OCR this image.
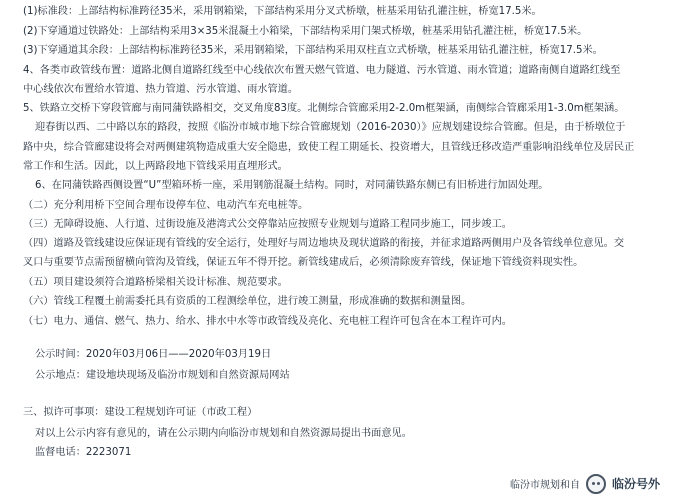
(1)标准段：上部结构标准跨径35米，采用钢箱梁，下部结构采用分叉式桥墩，桩基采用钻孔灌注桩，桥宽17.5米。
(2)下穿通道过铁路处：上部结构采用3×35米混凝土小箱梁，下部结构采用门架式桥墩，桩基采用钻孔灌注桩，桥宽17.5米。
(3)下穿通道其余段：上部结构标准跨径35米，采用钢箱梁，下部结构采用双柱直立式桥墩，桩基采用钻孔灌注桩，桥宽17.5米。
4、各类市政管线布置：道路北侧自道路红线至中心线依次布置天燃气管道、电力隧道、污水管道、雨水管道；道路南侧自道路红线至
中心线依次布置给水管道、热力管道、污水管道、雨水管道。
5、铁路立交桥下穿段管廊与南同蒲铁路相交，交叉角度83度。北侧综合管廊采用2-2.0m框架涵，南侧综合管廊采用1-3.0m框架涵。
迎春街以西、二中路以东的路段，按照《临汾市城市地下综合管廊规划（2016-2030）》应规划建设综合管廊。但是，由于桥墩位于
路中央，综合管廊建设将会对两侧建筑物造成重大安全隐患，致使工程工期延长、投资增大，且管线迁移改造严重影响沿线单位及居民正
常工作和生活。因此，以上两路段地下管线采用直埋形式。
6、在同蒲铁路西侧设置“U”型箱环桥一座，采用钢筋混凝土结构。同时，对同蒲铁路东侧已有旧桥进行加固处理。
（二）充分利用桥下空间合理布设停车位、电动汽车充电桩等。
（三）无障碍设施、人行道、过街设施及港湾式公交停靠站应按照专业规划与道路工程同步施工，同步竣工。
（四）道路及管线建设应保证现有管线的安全运行，处理好与周边地块及现状道路的衔接，并征求道路两侧用户及各管线单位意见。交
叉口与重要节点需预留横向管沟及管线，保证五年不得开挖。新管线建成后，必须清除废弃管线，保证地下管线资料现实性。
（五）项目建设须符合道路桥梁相关设计标准、规范要求。
（六）管线工程覆土前需委托具有资质的工程测绘单位，进行竣工测量，形成准确的数据和测量图。
（七）电力、通信、燃气、热力、给水、排水中水等市政管线及亮化、充电桩工程许可包含在本工程许可内。
公示时间：2020年03月06日——2020年03月19日
公示地点：建设地块现场及临汾市规划和自然资源局网站
三、拟许可事项：建设工程规划许可证（市政工程）
对以上公示内容有意见的，请在公示期内向临汾市规划和自然资源局提出书面意见。
监督电话：2223071
临汾市规划和自	临汾号外
